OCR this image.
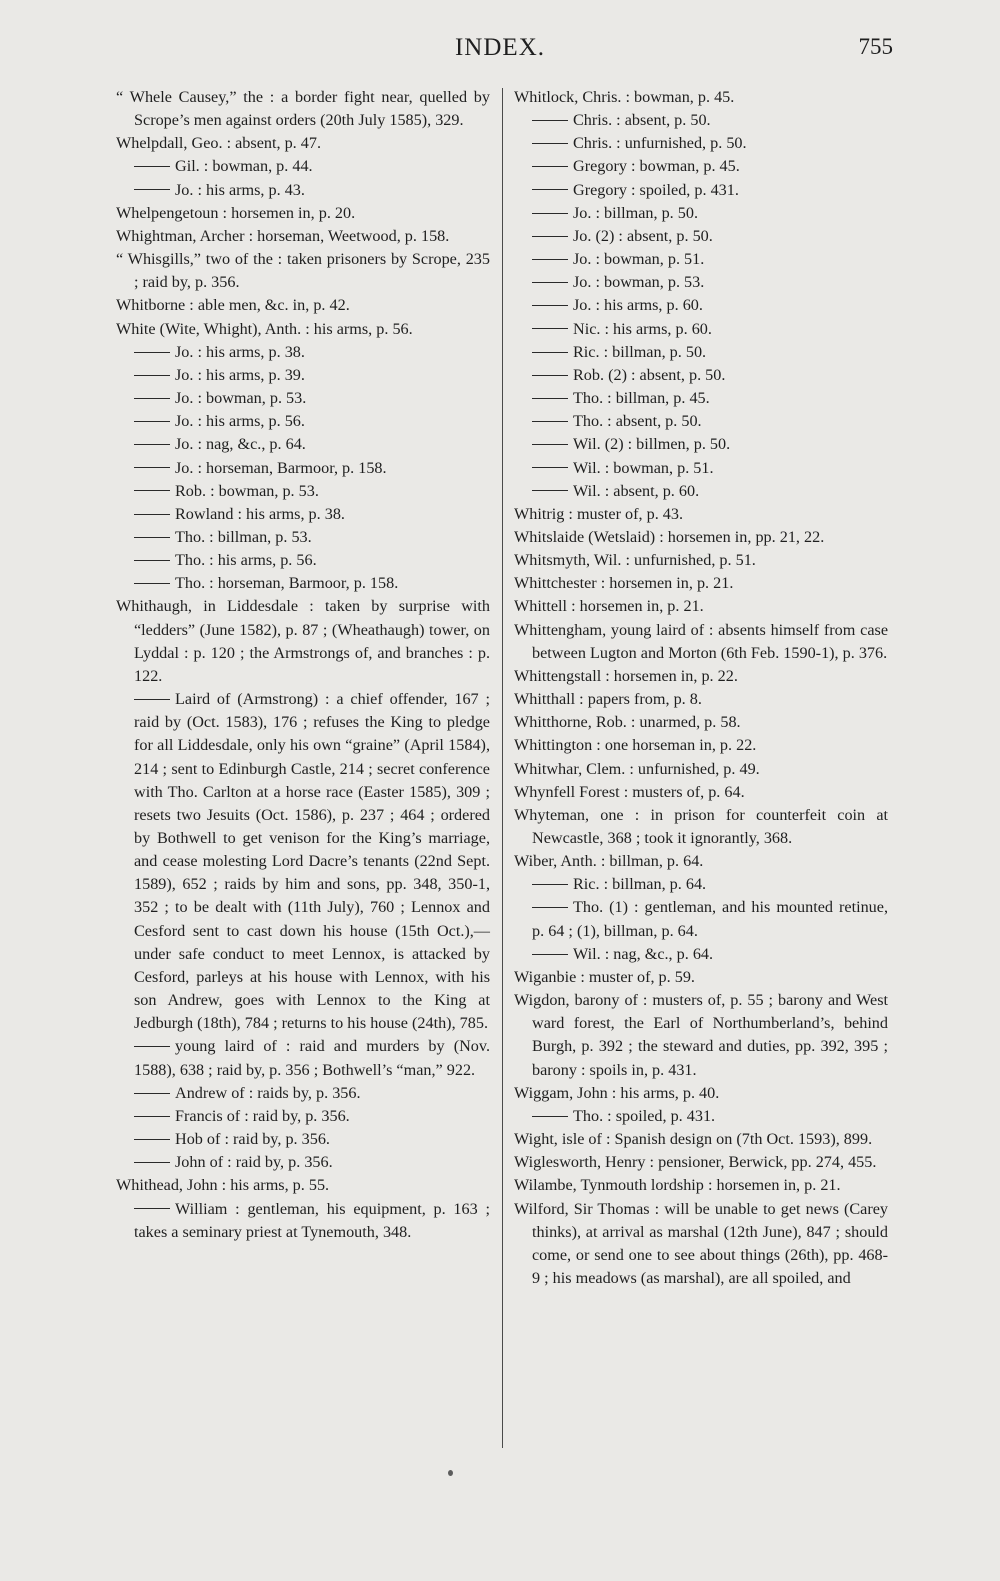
INDEX.	755

“ Whele Causey,” the : a border fight near, quelled by Scrope’s men against orders (20th July 1585), 329.

Whelpdall, Geo. : absent, p. 47.

Gil. : bowman, p. 44.

Jo. : his arms, p. 43.

Whelpengetoun : horsemen in, p. 20.

Whightman, Archer : horseman, Weetwood, p. 158.

“ Whisgills,” two of the : taken prisoners by Scrope, 235 ; raid by, p. 356.

Whitborne : able men, &c. in, p. 42.

White (Wite, Whight), Anth. : his arms, p. 56.

Jo. : his arms, p. 38.

Jo. : his arms, p. 39.

Jo. : bowman, p. 53.

Jo. : his arms, p. 56.

Jo. : nag, &c., p. 64.

Jo. : horseman, Barmoor, p. 158.

Rob. : bowman, p. 53.

Rowland : his arms, p. 38.

Tho. : billman, p. 53.

Tho. : his arms, p. 56.

Tho. : horseman, Barmoor, p. 158.

Whithaugh, in Liddesdale : taken by surprise with “ledders” (June 1582), p. 87 ; (Wheathaugh) tower, on Lyddal : p. 120 ; the Armstrongs of, and branches : p. 122.

Laird of (Armstrong) : a chief offender, 167 ; raid by (Oct. 1583), 176 ; refuses the King to pledge for all Liddesdale, only his own “graine” (April 1584), 214 ; sent to Edinburgh Castle, 214 ; secret conference with Tho. Carlton at a horse race (Easter 1585), 309 ; resets two Jesuits (Oct. 1586), p. 237 ; 464 ; ordered by Bothwell to get venison for the King’s marriage, and cease molesting Lord Dacre’s tenants (22nd Sept. 1589), 652 ; raids by him and sons, pp. 348, 350-1, 352 ; to be dealt with (11th July), 760 ; Lennox and Cesford sent to cast down his house (15th Oct.),—under safe conduct to meet Lennox, is attacked by Cesford, parleys at his house with Lennox, with his son Andrew, goes with Lennox to the King at Jedburgh (18th), 784 ; returns to his house (24th), 785.

young laird of : raid and murders by (Nov. 1588), 638 ; raid by, p. 356 ; Bothwell’s “man,” 922.

Andrew of : raids by, p. 356.

Francis of : raid by, p. 356.

Hob of : raid by, p. 356.

John of : raid by, p. 356.

Whithead, John : his arms, p. 55.

William : gentleman, his equipment, p. 163 ; takes a seminary priest at Tynemouth, 348.

Whitlock, Chris. : bowman, p. 45.

Chris. : absent, p. 50.

Chris. : unfurnished, p. 50.

Gregory : bowman, p. 45.

Gregory : spoiled, p. 431.

Jo. : billman, p. 50.

Jo. (2) : absent, p. 50.

Jo. : bowman, p. 51.

Jo. : bowman, p. 53.

Jo. : his arms, p. 60.

Nic. : his arms, p. 60.

Ric. : billman, p. 50.

Rob. (2) : absent, p. 50.

Tho. : billman, p. 45.

Tho. : absent, p. 50.

Wil. (2) : billmen, p. 50.

Wil. : bowman, p. 51.

Wil. : absent, p. 60.

Whitrig : muster of, p. 43.

Whitslaide (Wetslaid) : horsemen in, pp. 21, 22.

Whitsmyth, Wil. : unfurnished, p. 51.

Whittchester : horsemen in, p. 21.

Whittell : horsemen in, p. 21.

Whittengham, young laird of : absents himself from case between Lugton and Morton (6th Feb. 1590-1), p. 376.

Whittengstall : horsemen in, p. 22.

Whitthall : papers from, p. 8.

Whitthorne, Rob. : unarmed, p. 58.

Whittington : one horseman in, p. 22.

Whitwhar, Clem. : unfurnished, p. 49.

Whynfell Forest : musters of, p. 64.

Whyteman, one : in prison for counterfeit coin at Newcastle, 368 ; took it ignorantly, 368.

Wiber, Anth. : billman, p. 64.

Ric. : billman, p. 64.

Tho. (1) : gentleman, and his mounted retinue, p. 64 ; (1), billman, p. 64.

Wil. : nag, &c., p. 64.

Wiganbie : muster of, p. 59.

Wigdon, barony of : musters of, p. 55 ; barony and West ward forest, the Earl of Northumberland’s, behind Burgh, p. 392 ; the steward and duties, pp. 392, 395 ; barony : spoils in, p. 431.

Wiggam, John : his arms, p. 40.

Tho. : spoiled, p. 431.

Wight, isle of : Spanish design on (7th Oct. 1593), 899.

Wiglesworth, Henry : pensioner, Berwick, pp. 274, 455.

Wilambe, Tynmouth lordship : horsemen in, p. 21.

Wilford, Sir Thomas : will be unable to get news (Carey thinks), at arrival as marshal (12th June), 847 ; should come, or send one to see about things (26th), pp. 468-9 ; his meadows (as marshal), are all spoiled, and
